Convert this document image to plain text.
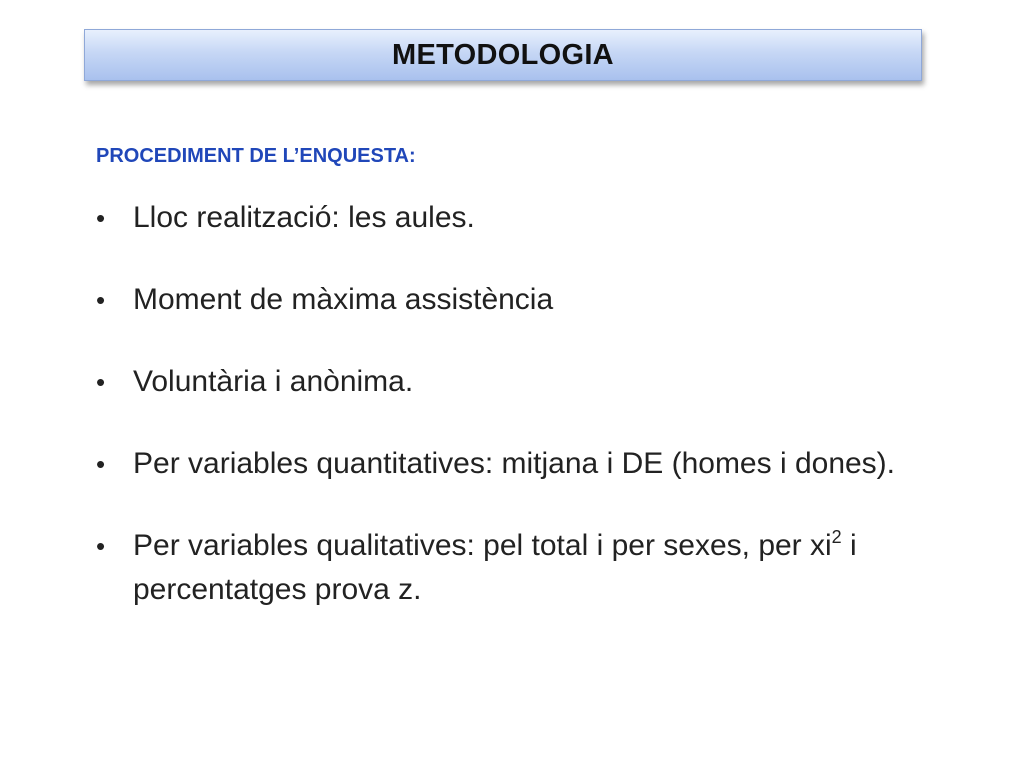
METODOLOGIA
PROCEDIMENT DE L’ENQUESTA:
• Lloc realització: les aules.
• Moment de màxima assistència
• Voluntària i anònima.
• Per variables quantitatives: mitjana i DE (homes i dones).
• Per variables qualitatives: pel total i per sexes, per $xi^2$ i percentatges prova z.
